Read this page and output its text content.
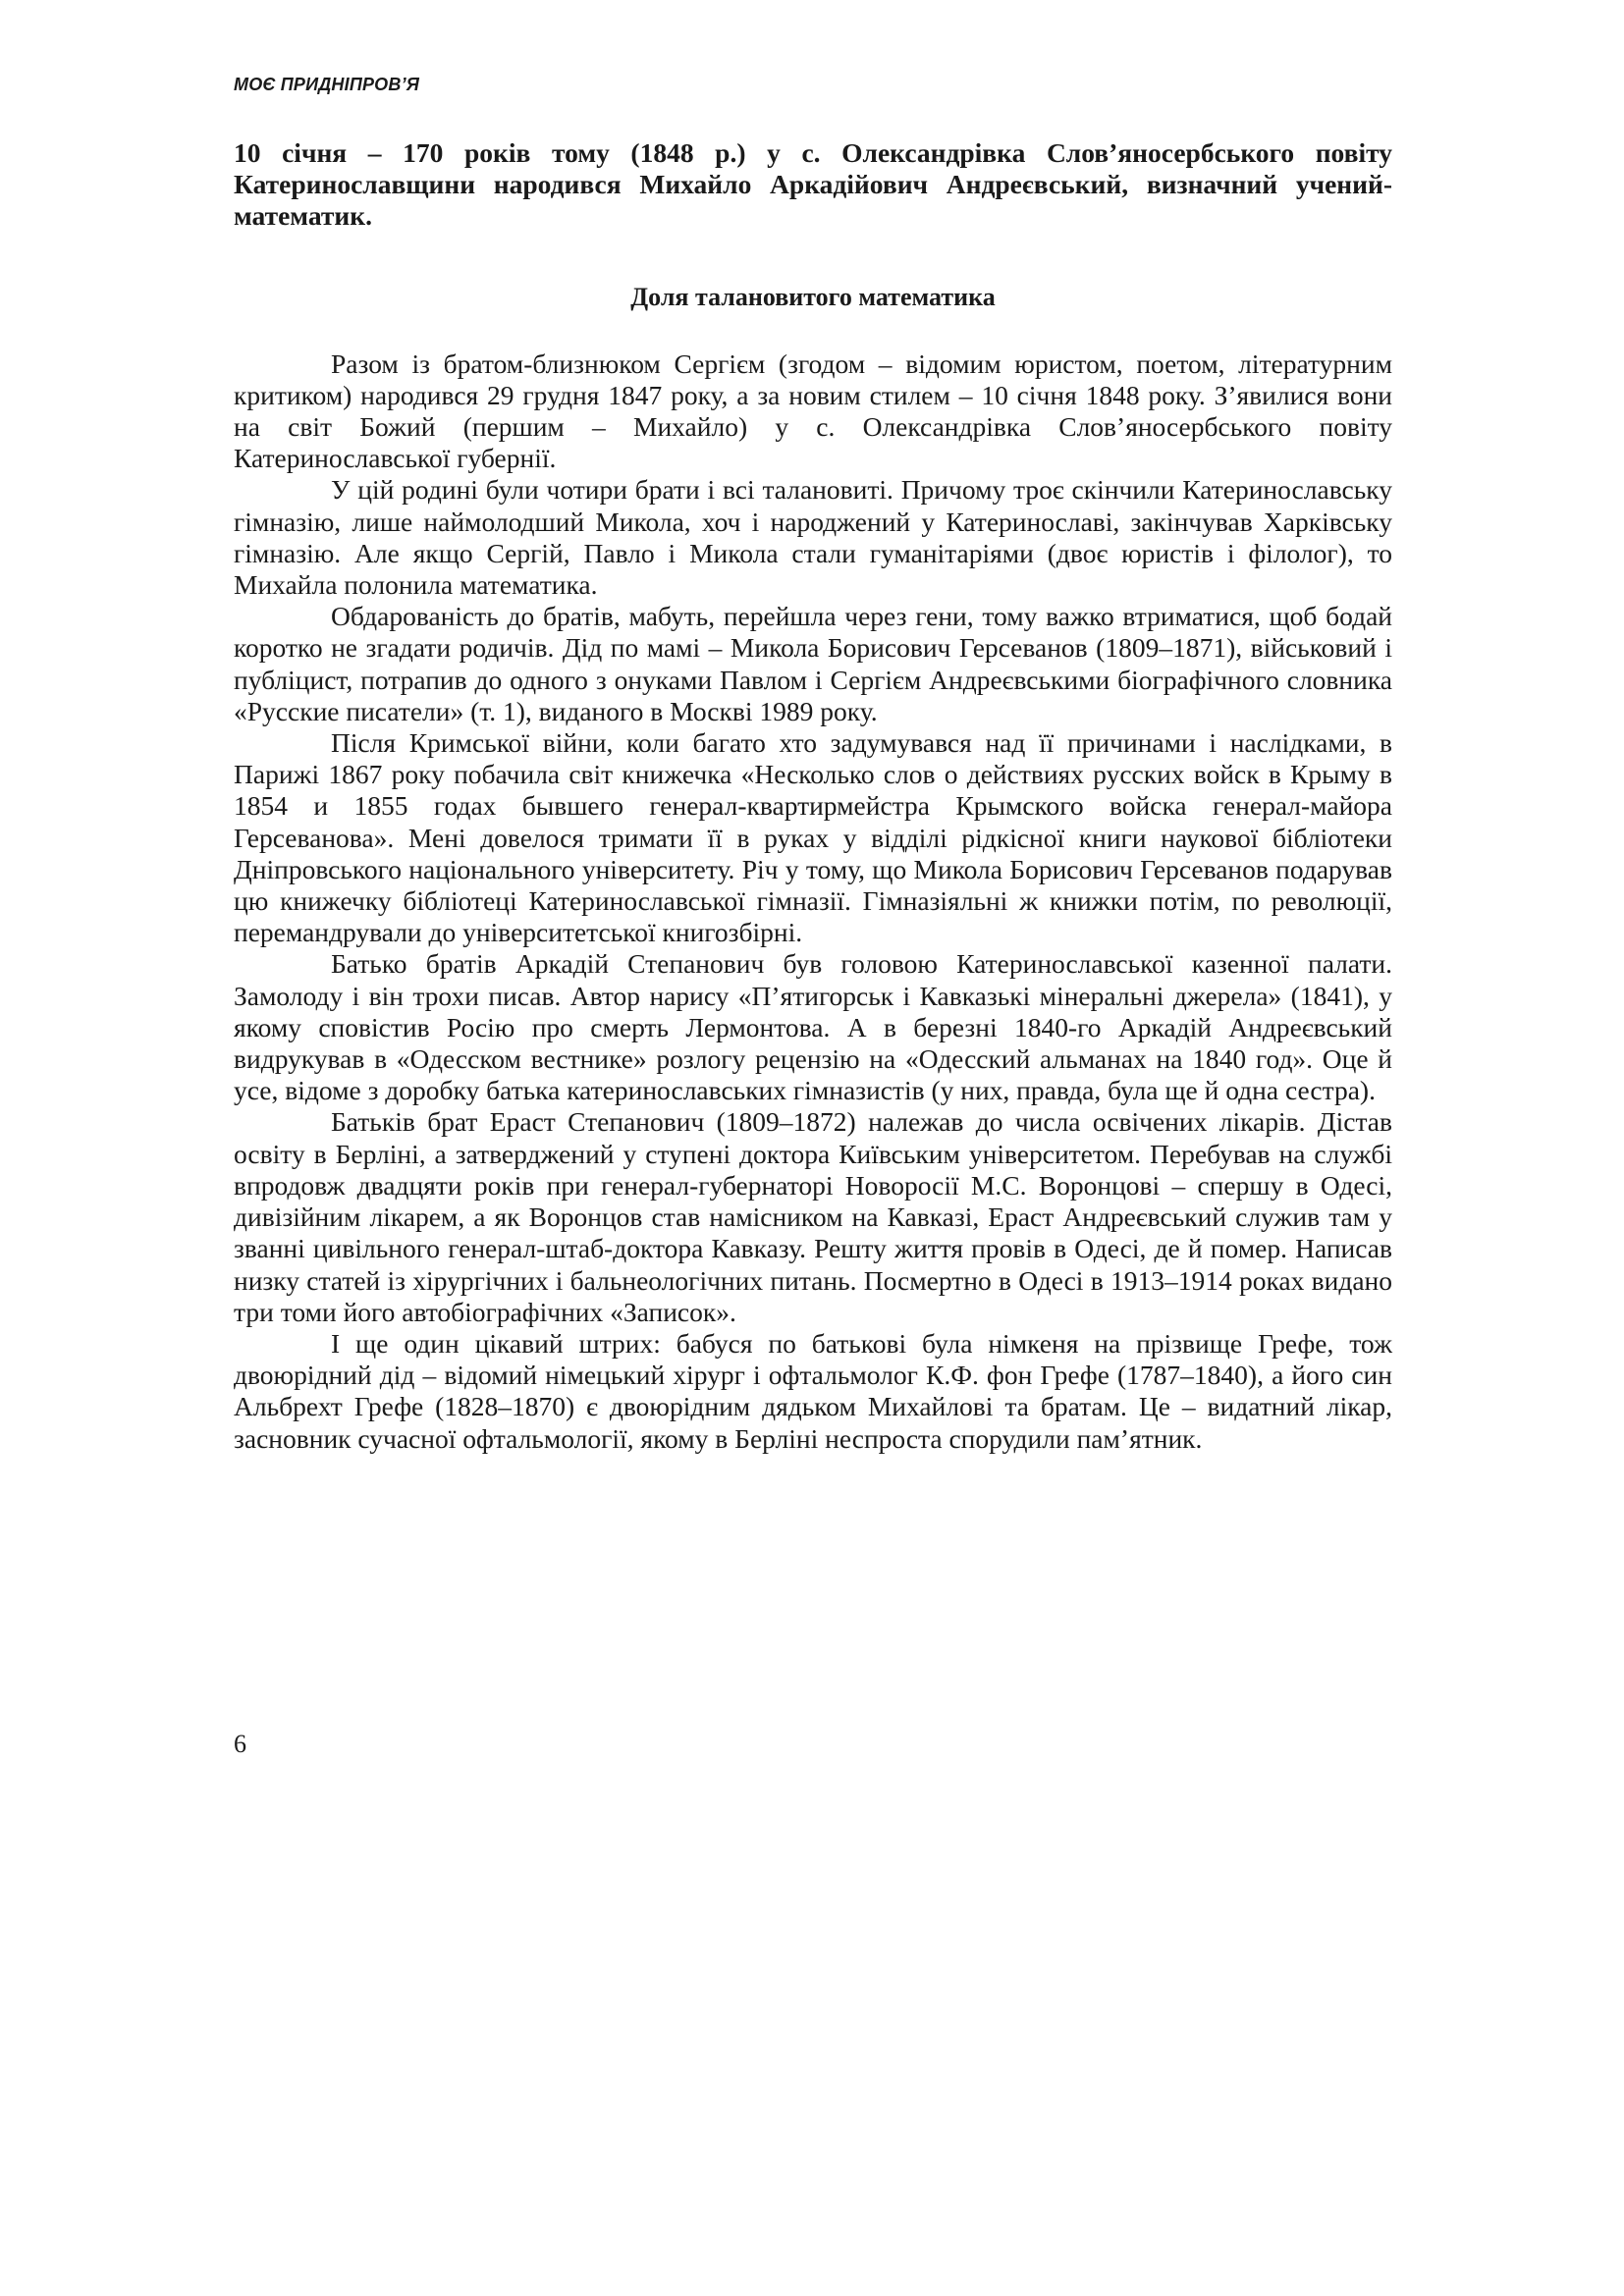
МОЄ ПРИДНІПРОВ’Я

10 січня – 170 років тому (1848 р.) у с. Олександрівка Слов’яносербського повіту Катеринославщини народився Михайло Аркадійович Андреєвський, визначний учений-математик.

Доля талановитого математика

Разом із братом-близнюком Сергієм (згодом – відомим юристом, поетом, літературним критиком) народився 29 грудня 1847 року, а за новим стилем – 10 січня 1848 року. З’явилися вони на світ Божий (першим – Михайло) у с. Олександрівка Слов’яносербського повіту Катеринославської губернії.

У цій родині були чотири брати і всі талановиті. Причому троє скінчили Катеринославську гімназію, лише наймолодший Микола, хоч і народжений у Катеринославі, закінчував Харківську гімназію. Але якщо Сергій, Павло і Микола стали гуманітаріями (двоє юристів і філолог), то Михайла полонила математика.

Обдарованість до братів, мабуть, перейшла через гени, тому важко втриматися, щоб бодай коротко не згадати родичів. Дід по мамі – Микола Борисович Герсеванов (1809–1871), військовий і публіцист, потрапив до одного з онуками Павлом і Сергієм Андреєвськими біографічного словника «Русские писатели» (т. 1), виданого в Москві 1989 року.

Після Кримської війни, коли багато хто задумувався над її причинами і наслідками, в Парижі 1867 року побачила світ книжечка «Несколько слов о действиях русских войск в Крыму в 1854 и 1855 годах бывшего генерал-квартирмейстра Крымского войска генерал-майора Герсеванова». Мені довелося тримати її в руках у відділі рідкісної книги наукової бібліотеки Дніпровського національного університету. Річ у тому, що Микола Борисович Герсеванов подарував цю книжечку бібліотеці Катеринославської гімназії. Гімназіяльні ж книжки потім, по революції, перемандрували до університетської книгозбірні.

Батько братів Аркадій Степанович був головою Катеринославської казенної палати. Замолоду і він трохи писав. Автор нарису «П’ятигорськ і Кавказькі мінеральні джерела» (1841), у якому сповістив Росію про смерть Лермонтова. А в березні 1840-го Аркадій Андреєвський видрукував в «Одесском вестнике» розлогу рецензію на «Одесский альманах на 1840 год». Оце й усе, відоме з доробку батька катеринославських гімназистів (у них, правда, була ще й одна сестра).

Батьків брат Ераст Степанович (1809–1872) належав до числа освічених лікарів. Дістав освіту в Берліні, а затверджений у ступені доктора Київським університетом. Перебував на службі впродовж двадцяти років при генерал-губернаторі Новоросії М.С. Воронцові – спершу в Одесі, дивізійним лікарем, а як Воронцов став намісником на Кавказі, Ераст Андреєвський служив там у званні цивільного генерал-штаб-доктора Кавказу. Решту життя провів в Одесі, де й помер. Написав низку статей із хірургічних і бальнеологічних питань. Посмертно в Одесі в 1913–1914 роках видано три томи його автобіографічних «Записок».

І ще один цікавий штрих: бабуся по батькові була німкеня на прізвище Грефе, тож двоюрідний дід – відомий німецький хірург і офтальмолог К.Ф. фон Грефе (1787–1840), а його син Альбрехт Грефе (1828–1870) є двоюрідним дядьком Михайлові та братам. Це – видатний лікар, засновник сучасної офтальмології, якому в Берліні неспроста спорудили пам’ятник.

6
